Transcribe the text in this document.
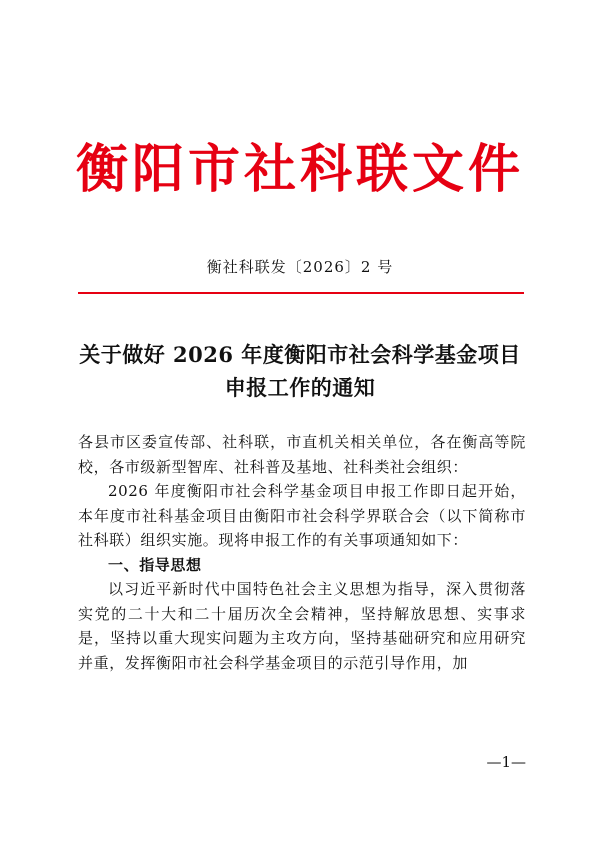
衡阳市社科联文件
衡社科联发〔2026〕2 号
关于做好 2026 年度衡阳市社会科学基金项目
申报工作的通知

各县市区委宣传部、社科联，市直机关相关单位，各在衡高等院校，各市级新型智库、社科普及基地、社科类社会组织：

2026 年度衡阳市社会科学基金项目申报工作即日起开始，本年度市社科基金项目由衡阳市社会科学界联合会（以下简称市社科联）组织实施。现将申报工作的有关事项通知如下：

一、指导思想

以习近平新时代中国特色社会主义思想为指导，深入贯彻落实党的二十大和二十届历次全会精神，坚持解放思想、实事求是，坚持以重大现实问题为主攻方向，坚持基础研究和应用研究并重，发挥衡阳市社会科学基金项目的示范引导作用，加

—1—
